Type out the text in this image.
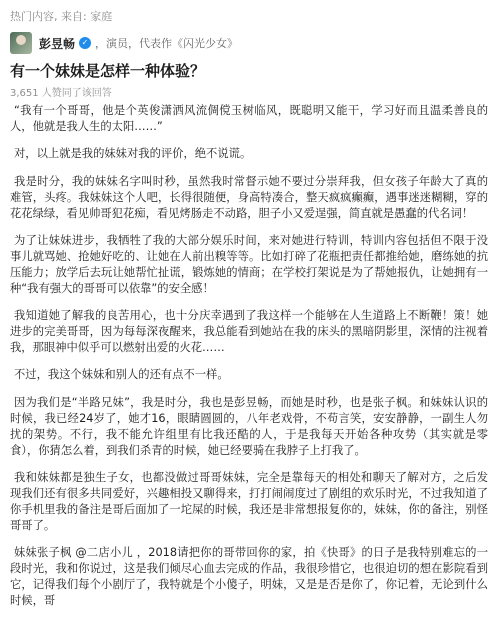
热门内容, 来自: 家庭
彭昱畅 ✓ ，演员，代表作《闪光少女》
有一个妹妹是怎样一种体验？
3,651 人赞同了该回答

“我有一个哥哥，他是个英俊潇洒风流倜傥玉树临风，既聪明又能干，学习好而且温柔善良的人，他就是我人生的太阳……”

对，以上就是我的妹妹对我的评价，绝不说谎。

我是时分，我的妹妹名字叫时秒，虽然我时常督示她不要过分崇拜我，但女孩子年龄大了真的难管，头疼。我妹妹这个人吧，长得很随便，身高特凑合，整天疯疯癫癫，遇事迷迷糊糊，穿的花花绿绿，看见帅哥犯花痴，看见烤肠走不动路，胆子小又爱逞强，简直就是愚蠢的代名词！

为了让妹妹进步，我牺牲了我的大部分娱乐时间，来对她进行特训，特训内容包括但不限于没事儿就骂她、抢她好吃的、让她在人前出糗等等。比如打碎了花瓶把责任都推给她，磨练她的抗压能力；放学后去玩让她帮忙扯谎，锻炼她的情商；在学校打架说是为了帮她报仇，让她拥有一种“我有强大的哥哥可以依靠”的安全感！

我知道她了解我的良苦用心，也十分庆幸遇到了我这样一个能够在人生道路上不断鞭！策！她进步的完美哥哥，因为每每深夜醒来，我总能看到她站在我的床头的黑暗阴影里，深情的注视着我，那眼神中似乎可以燃射出爱的火花……

不过，我这个妹妹和别人的还有点不一样。

因为我们是“半路兄妹”，我是时分，我也是彭昱畅，而她是时秒，也是张子枫。和妹妹认识的时候，我已经24岁了，她才16，眼睛圆圆的，八年老戏骨，不苟言笑，安安静静，一副生人勿扰的架势。不行，我不能允许组里有比我还酷的人，于是我每天开始各种攻势（其实就是零食），你猜怎么着，到我们杀青的时候，她已经要骑在我脖子上打我了。

我和妹妹都是独生子女，也都没做过哥哥妹妹，完全是靠每天的相处和聊天了解对方，之后发现我们还有很多共同爱好，兴趣相投又聊得来，打打闹闹度过了剧组的欢乐时光，不过我知道了你手机里我的备注是哥后面加了一坨屎的时候，我还是非常想报复你的，妹妹，你的备注，别怪哥哥了。

妹妹张子枫 @二店小儿 ，2018请把你的哥带回你的家，拍《快哥》的日子是我特别难忘的一段时光，我和你说过，这是我们倾尽心血去完成的作品，我很珍惜它，也很迫切的想在影院看到它，记得我们每个小剧厅了，我特就是个小傻子，明妹，又是是否是你了，你记着，无论到什么时候，哥
